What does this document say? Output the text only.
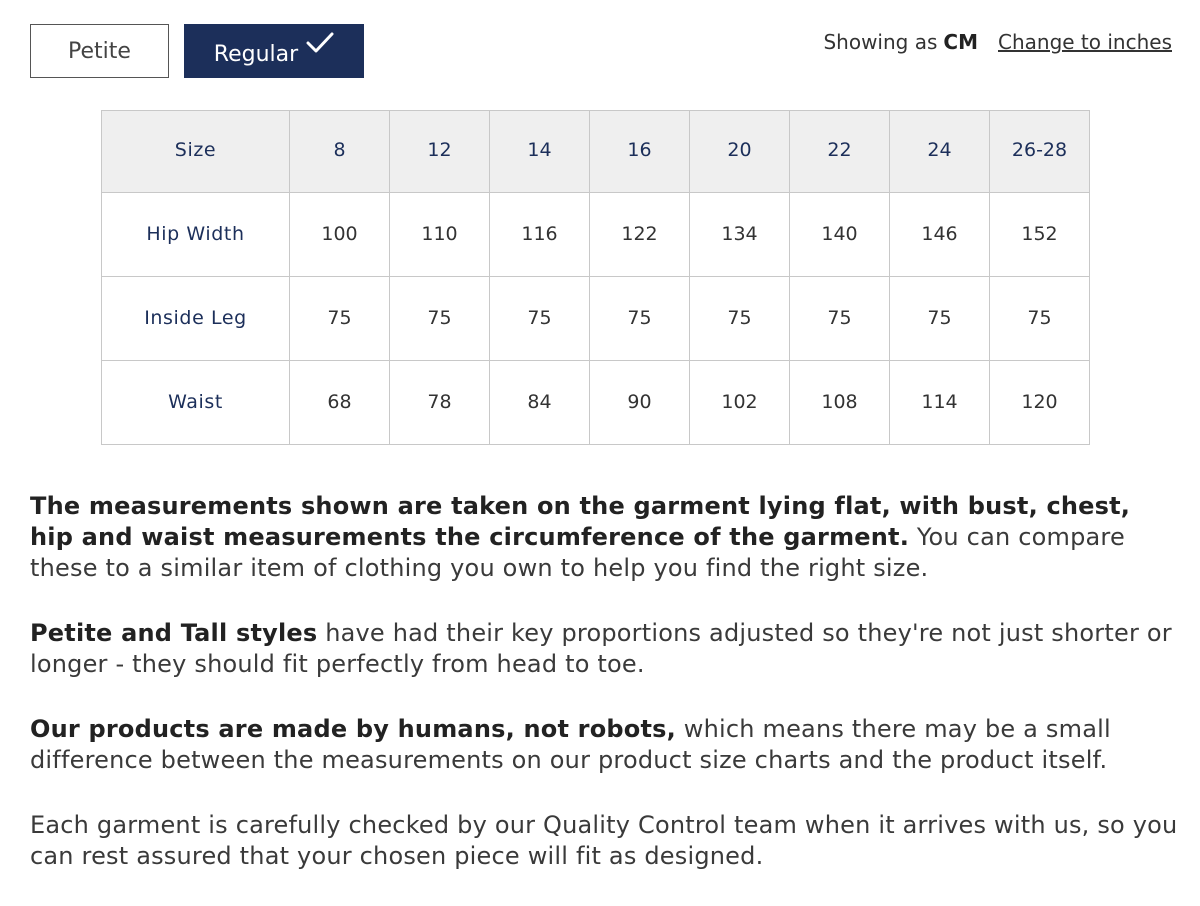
Petite	Regular	Showing as CM Change to inches
Size	8	12	14	16	20	22	24	26-28
Hip Width	100	110	116	122	134	140	146	152
Inside Leg	75	75	75	75	75	75	75	75
Waist	68	78	84	90	102	108	114	120

The measurements shown are taken on the garment lying flat, with bust, chest, hip and waist measurements the circumference of the garment. You can compare these to a similar item of clothing you own to help you find the right size.

Petite and Tall styles have had their key proportions adjusted so they're not just shorter or longer - they should fit perfectly from head to toe.

Our products are made by humans, not robots, which means there may be a small difference between the measurements on our product size charts and the product itself.

Each garment is carefully checked by our Quality Control team when it arrives with us, so you can rest assured that your chosen piece will fit as designed.
